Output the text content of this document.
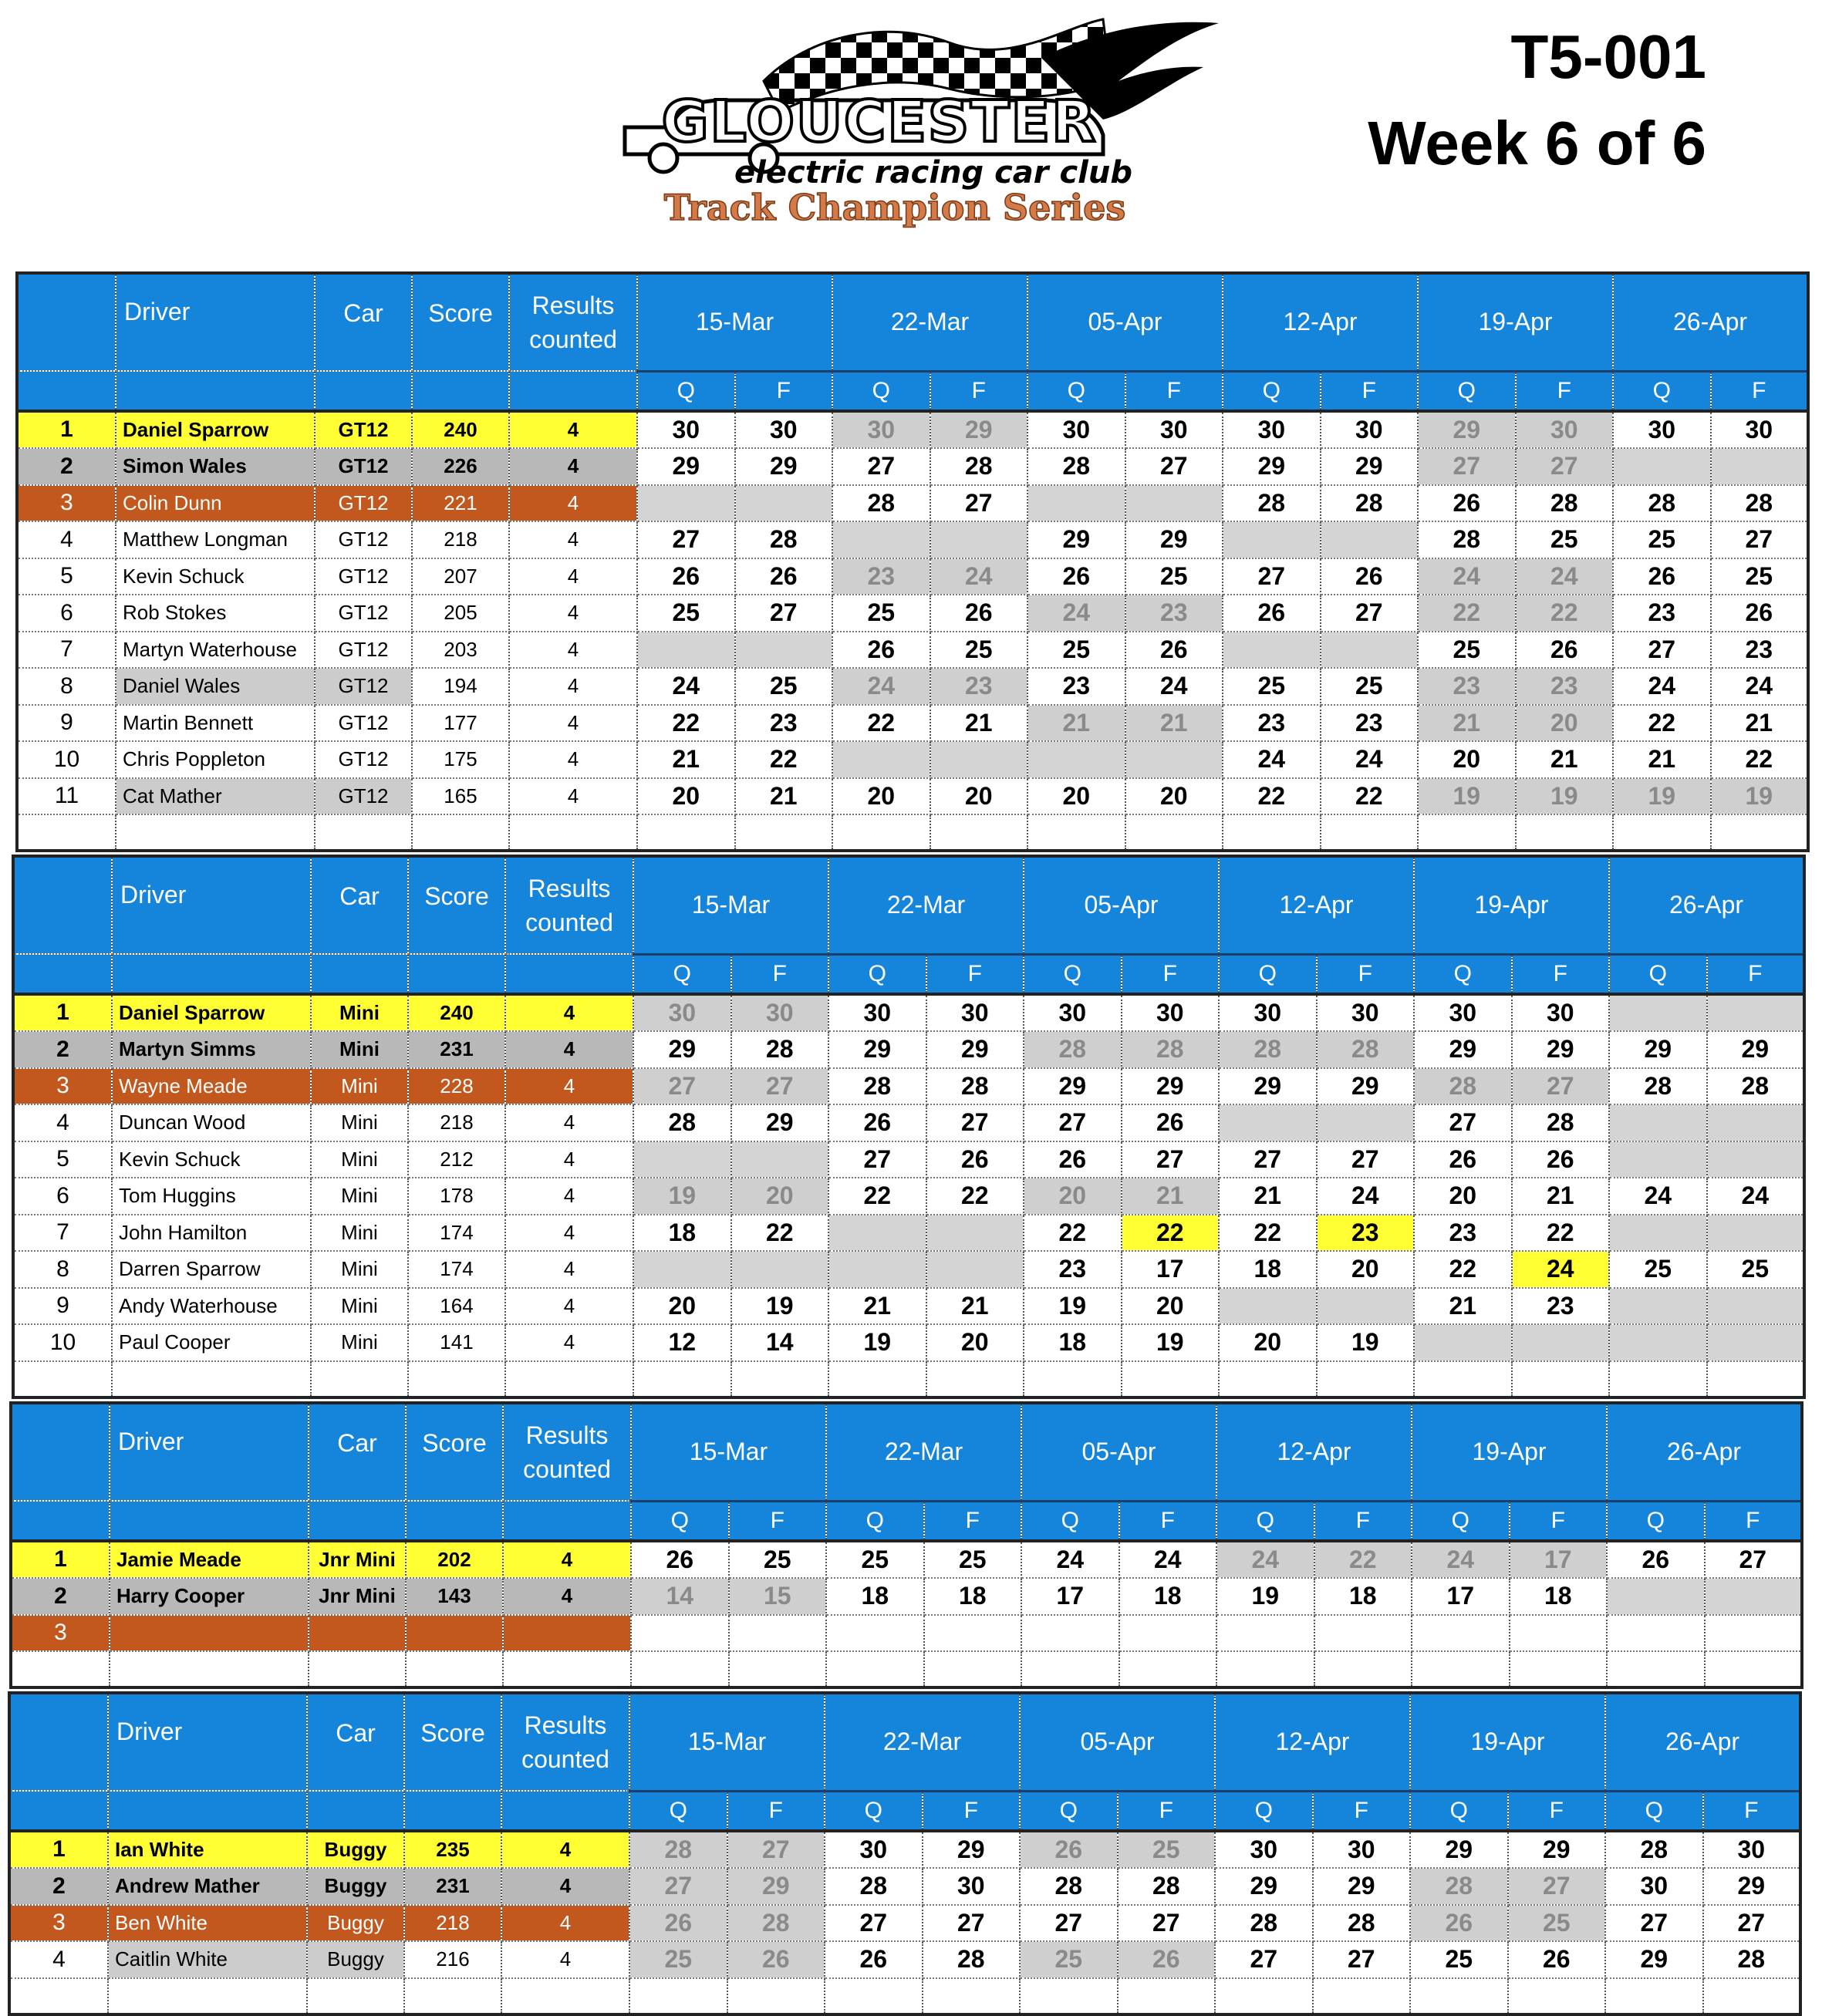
GLOUCESTER
electric racing car club
Track Champion Series
T5-001
Week 6 of 6
	Driver	Car	Score	Results counted	15-Mar		22-Mar		05-Apr		12-Apr		19-Apr		26-Apr	
					Q	F	Q	F	Q	F	Q	F	Q	F	Q	F
1	Daniel Sparrow	GT12	240	4	30	30	30	29	30	30	30	30	29	30	30	30
2	Simon Wales	GT12	226	4	29	29	27	28	28	27	29	29	27	27		
3	Colin Dunn	GT12	221	4			28	27			28	28	26	28	28	28
4	Matthew Longman	GT12	218	4	27	28			29	29			28	25	25	27
5	Kevin Schuck	GT12	207	4	26	26	23	24	26	25	27	26	24	24	26	25
6	Rob Stokes	GT12	205	4	25	27	25	26	24	23	26	27	22	22	23	26
7	Martyn Waterhouse	GT12	203	4			26	25	25	26			25	26	27	23
8	Daniel Wales	GT12	194	4	24	25	24	23	23	24	25	25	23	23	24	24
9	Martin Bennett	GT12	177	4	22	23	22	21	21	21	23	23	21	20	22	21
10	Chris Poppleton	GT12	175	4	21	22					24	24	20	21	21	22
11	Cat Mather	GT12	165	4	20	21	20	20	20	20	22	22	19	19	19	19

	Driver	Car	Score	Results counted	15-Mar		22-Mar		05-Apr		12-Apr		19-Apr		26-Apr	
					Q	F	Q	F	Q	F	Q	F	Q	F	Q	F
1	Daniel Sparrow	Mini	240	4	30	30	30	30	30	30	30	30	30	30		
2	Martyn Simms	Mini	231	4	29	28	29	29	28	28	28	28	29	29	29	29
3	Wayne Meade	Mini	228	4	27	27	28	28	29	29	29	29	28	27	28	28
4	Duncan Wood	Mini	218	4	28	29	26	27	27	26			27	28		
5	Kevin Schuck	Mini	212	4			27	26	26	27	27	27	26	26		
6	Tom Huggins	Mini	178	4	19	20	22	22	20	21	21	24	20	21	24	24
7	John Hamilton	Mini	174	4	18	22			22	22	22	23	23	22		
8	Darren Sparrow	Mini	174	4					23	17	18	20	22	24	25	25
9	Andy Waterhouse	Mini	164	4	20	19	21	21	19	20			21	23		
10	Paul Cooper	Mini	141	4	12	14	19	20	18	19	20	19				

	Driver	Car	Score	Results counted	15-Mar		22-Mar		05-Apr		12-Apr		19-Apr		26-Apr	
					Q	F	Q	F	Q	F	Q	F	Q	F	Q	F
1	Jamie Meade	Jnr Mini	202	4	26	25	25	25	24	24	24	22	24	17	26	27
2	Harry Cooper	Jnr Mini	143	4	14	15	18	18	17	18	19	18	17	18		
3																

	Driver	Car	Score	Results counted	15-Mar		22-Mar		05-Apr		12-Apr		19-Apr		26-Apr	
					Q	F	Q	F	Q	F	Q	F	Q	F	Q	F
1	Ian White	Buggy	235	4	28	27	30	29	26	25	30	30	29	29	28	30
2	Andrew Mather	Buggy	231	4	27	29	28	30	28	28	29	29	28	27	30	29
3	Ben White	Buggy	218	4	26	28	27	27	27	27	28	28	26	25	27	27
4	Caitlin White	Buggy	216	4	25	26	26	28	25	26	27	27	25	26	29	28
